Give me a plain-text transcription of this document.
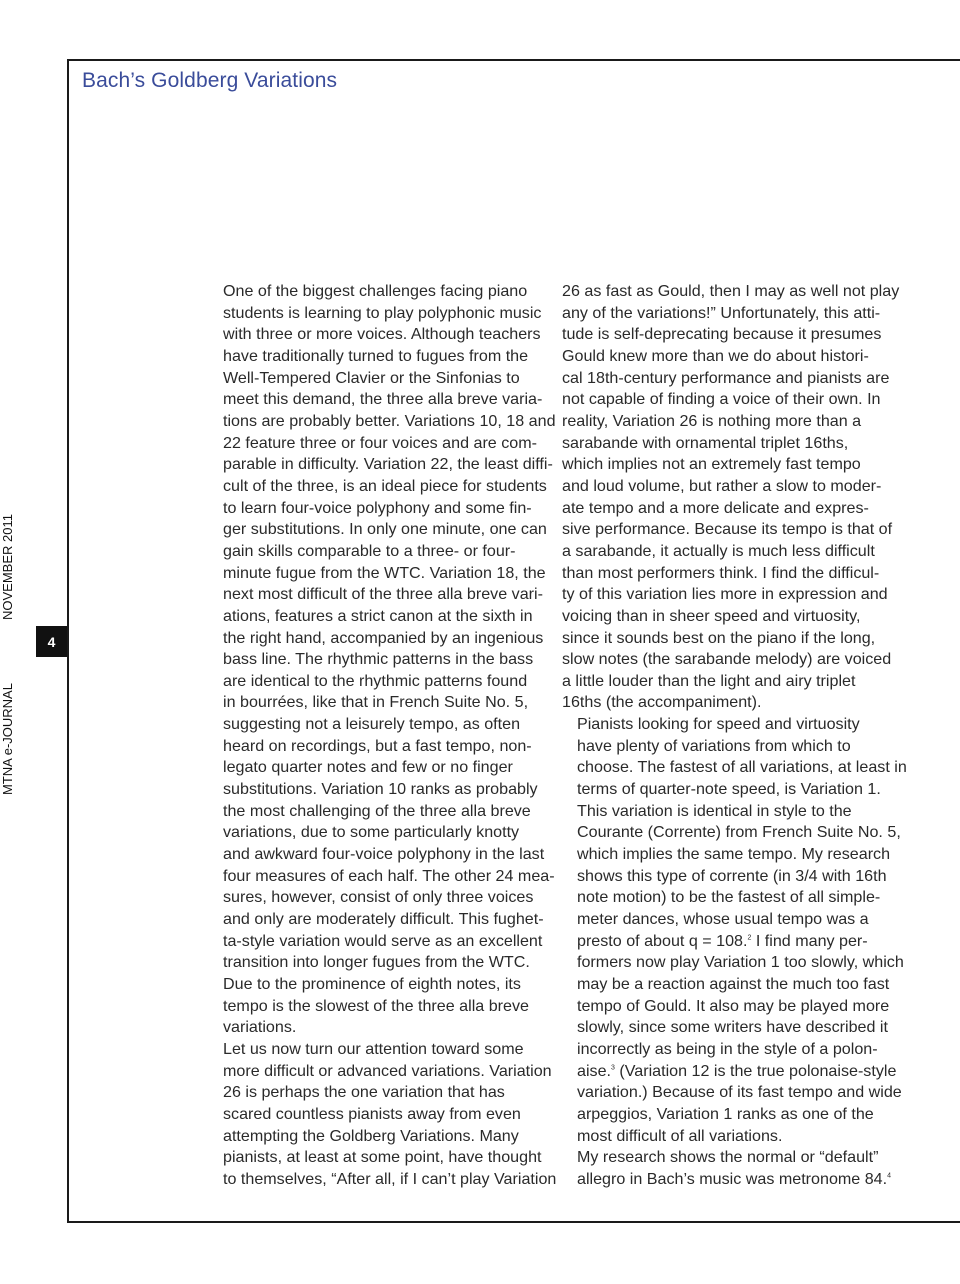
Bach’s Goldberg Variations
NOVEMBER 2011
4
MTNA e-JOURNAL

One of the biggest challenges facing piano
students is learning to play polyphonic music
with three or more voices. Although teachers
have traditionally turned to fugues from the
Well-Tempered Clavier or the Sinfonias to
meet this demand, the three alla breve varia-
tions are probably better. Variations 10, 18 and
22 feature three or four voices and are com-
parable in difficulty. Variation 22, the least diffi-
cult of the three, is an ideal piece for students
to learn four-voice polyphony and some fin-
ger substitutions. In only one minute, one can
gain skills comparable to a three- or four-
minute fugue from the WTC. Variation 18, the
next most difficult of the three alla breve vari-
ations, features a strict canon at the sixth in
the right hand, accompanied by an ingenious
bass line. The rhythmic patterns in the bass
are identical to the rhythmic patterns found
in bourrées, like that in French Suite No. 5,
suggesting not a leisurely tempo, as often
heard on recordings, but a fast tempo, non-
legato quarter notes and few or no finger
substitutions. Variation 10 ranks as probably
the most challenging of the three alla breve
variations, due to some particularly knotty
and awkward four-voice polyphony in the last
four measures of each half. The other 24 mea-
sures, however, consist of only three voices
and only are moderately difficult. This fughet-
ta-style variation would serve as an excellent
transition into longer fugues from the WTC.
Due to the prominence of eighth notes, its
tempo is the slowest of the three alla breve
variations.

Let us now turn our attention toward some
more difficult or advanced variations. Variation
26 is perhaps the one variation that has
scared countless pianists away from even
attempting the Goldberg Variations. Many
pianists, at least at some point, have thought
to themselves, “After all, if I can’t play Variation

26 as fast as Gould, then I may as well not play
any of the variations!” Unfortunately, this atti-
tude is self-deprecating because it presumes
Gould knew more than we do about histori-
cal 18th-century performance and pianists are
not capable of finding a voice of their own. In
reality, Variation 26 is nothing more than a
sarabande with ornamental triplet 16ths,
which implies not an extremely fast tempo
and loud volume, but rather a slow to moder-
ate tempo and a more delicate and expres-
sive performance. Because its tempo is that of
a sarabande, it actually is much less difficult
than most performers think. I find the difficul-
ty of this variation lies more in expression and
voicing than in sheer speed and virtuosity,
since it sounds best on the piano if the long,
slow notes (the sarabande melody) are voiced
a little louder than the light and airy triplet
16ths (the accompaniment).

Pianists looking for speed and virtuosity
have plenty of variations from which to
choose. The fastest of all variations, at least in
terms of quarter-note speed, is Variation 1.
This variation is identical in style to the
Courante (Corrente) from French Suite No. 5,
which implies the same tempo. My research
shows this type of corrente (in 3/4 with 16th
note motion) to be the fastest of all simple-
meter dances, whose usual tempo was a
presto of about q = 108.$^2$ I find many per-
formers now play Variation 1 too slowly, which
may be a reaction against the much too fast
tempo of Gould. It also may be played more
slowly, since some writers have described it
incorrectly as being in the style of a polon-
aise.$^3$ (Variation 12 is the true polonaise-style
variation.) Because of its fast tempo and wide
arpeggios, Variation 1 ranks as one of the
most difficult of all variations.

My research shows the normal or “default”
allegro in Bach’s music was metronome 84.$^4$
